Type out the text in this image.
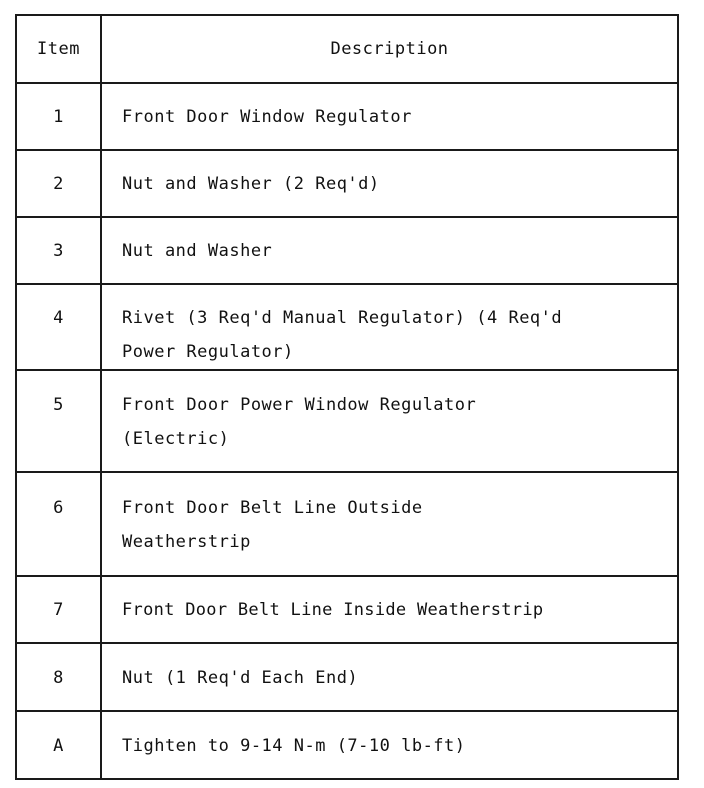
Item	Description

1	Front Door Window Regulator

2	Nut and Washer (2 Req'd)

3	Nut and Washer

4	Rivet (3 Req'd Manual Regulator) (4 Req'd Power Regulator)

5	Front Door Power Window Regulator (Electric)

6	Front Door Belt Line Outside Weatherstrip

7	Front Door Belt Line Inside Weatherstrip

8	Nut (1 Req'd Each End)

A	Tighten to 9-14 N-m (7-10 lb-ft)
